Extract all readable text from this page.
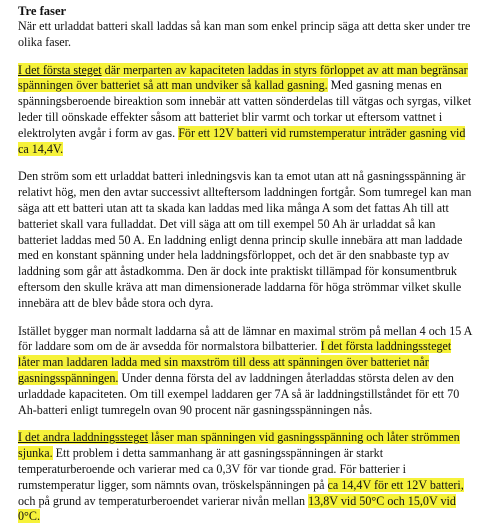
Tre faser

När ett urladdat batteri skall laddas så kan man som enkel princip säga att detta sker under tre olika faser.

I det första steget där merparten av kapaciteten laddas in styrs förloppet av att man begränsar spänningen över batteriet så att man undviker så kallad gasning. Med gasning menas en spänningsberoende bireaktion som innebär att vatten sönderdelas till vätgas och syrgas, vilket leder till oönskade effekter såsom att batteriet blir varmt och torkar ut eftersom vattnet i elektrolyten avgår i form av gas. För ett 12V batteri vid rumstemperatur inträder gasning vid ca 14,4V.

Den ström som ett urladdat batteri inledningsvis kan ta emot utan att nå gasningsspänning är relativt hög, men den avtar successivt allteftersom laddningen fortgår. Som tumregel kan man säga att ett batteri utan att ta skada kan laddas med lika många A som det fattas Ah till att batteriet skall vara fulladdat. Det vill säga att om till exempel 50 Ah är urladdat så kan batteriet laddas med 50 A. En laddning enligt denna princip skulle innebära att man laddade med en konstant spänning under hela laddningsförloppet, och det är den snabbaste typ av laddning som går att åstadkomma. Den är dock inte praktiskt tillämpad för konsumentbruk eftersom den skulle kräva att man dimensionerade laddarna för höga strömmar vilket skulle innebära att de blev både stora och dyra.

Istället bygger man normalt laddarna så att de lämnar en maximal ström på mellan 4 och 15 A för laddare som om de är avsedda för normalstora bilbatterier. I det första laddningssteget låter man laddaren ladda med sin maxström till dess att spänningen över batteriet når gasningsspänningen. Under denna första del av laddningen återladdas största delen av den urladdade kapaciteten. Om till exempel laddaren ger 7A så är laddningstillståndet för ett 70 Ah-batteri enligt tumregeln ovan 90 procent när gasningsspänningen nås.

I det andra laddningssteget låser man spänningen vid gasningsspänning och låter strömmen sjunka. Ett problem i detta sammanhang är att gasningsspänningen är starkt temperaturberoende och varierar med ca 0,3V för var tionde grad. För batterier i rumstemperatur ligger, som nämnts ovan, tröskelspänningen på ca 14,4V för ett 12V batteri, och på grund av temperaturberoendet varierar nivån mellan 13,8V vid 50°C och 15,0V vid 0°C.
